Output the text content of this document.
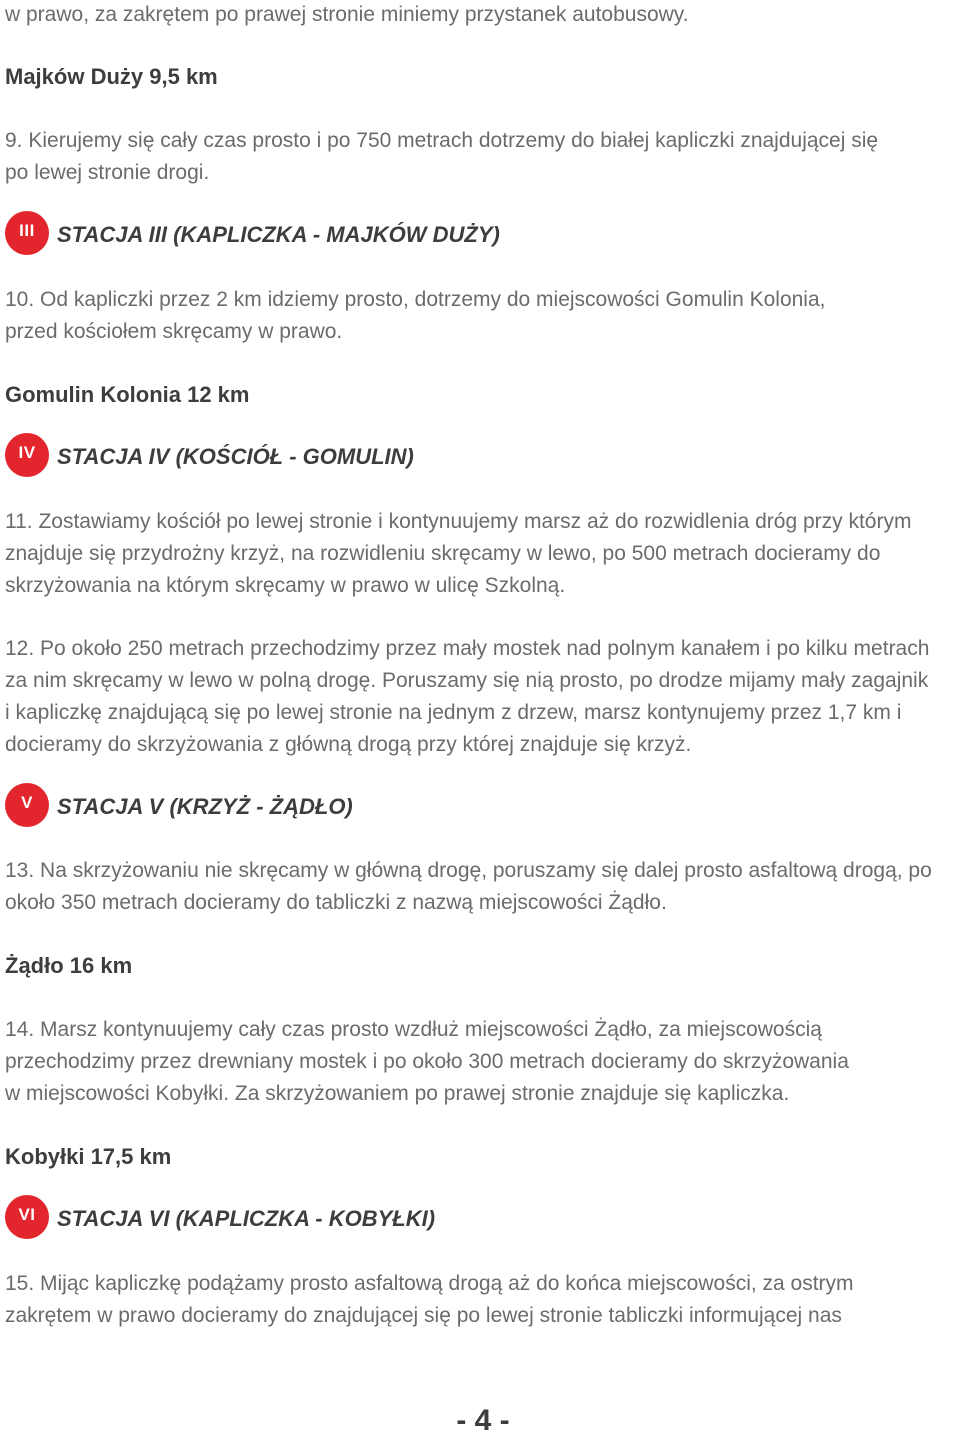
w prawo, za zakrętem po prawej stronie miniemy przystanek autobusowy.
Majków Duży 9,5 km
9. Kierujemy się cały czas prosto i po 750 metrach dotrzemy do białej kapliczki znajdującej się
po lewej stronie drogi.
III	STACJA III (KAPLICZKA - MAJKÓW DUŻY)
10. Od kapliczki przez 2 km idziemy prosto, dotrzemy do miejscowości Gomulin Kolonia,
przed kościołem skręcamy w prawo.
Gomulin Kolonia 12 km
IV STACJA IV (KOŚCIÓŁ - GOMULIN)
11. Zostawiamy kościół po lewej stronie i kontynuujemy marsz aż do rozwidlenia dróg przy którym
znajduje się przydrożny krzyż, na rozwidleniu skręcamy w lewo, po 500 metrach docieramy do
skrzyżowania na którym skręcamy w prawo w ulicę Szkolną.
12. Po około 250 metrach przechodzimy przez mały mostek nad polnym kanałem i po kilku metrach
za nim skręcamy w lewo w polną drogę. Poruszamy się nią prosto, po drodze mijamy mały zagajnik
i kapliczkę znajdującą się po lewej stronie na jednym z drzew, marsz kontynujemy przez 1,7 km i
docieramy do skrzyżowania z główną drogą przy której znajduje się krzyż.
V	STACJA V (KRZYŻ - ŻĄDŁO)
13. Na skrzyżowaniu nie skręcamy w główną drogę, poruszamy się dalej prosto asfaltową drogą, po
około 350 metrach docieramy do tabliczki z nazwą miejscowości Żądło.
Żądło 16 km
14. Marsz kontynuujemy cały czas prosto wzdłuż miejscowości Żądło, za miejscowością
przechodzimy przez drewniany mostek i po około 300 metrach docieramy do skrzyżowania
w miejscowości Kobyłki. Za skrzyżowaniem po prawej stronie znajduje się kapliczka.
Kobyłki 17,5 km
VI STACJA VI (KAPLICZKA - KOBYŁKI)
15. Mijąc kapliczkę podążamy prosto asfaltową drogą aż do końca miejscowości, za ostrym
zakrętem w prawo docieramy do znajdującej się po lewej stronie tabliczki informującej nas
- 4 -
